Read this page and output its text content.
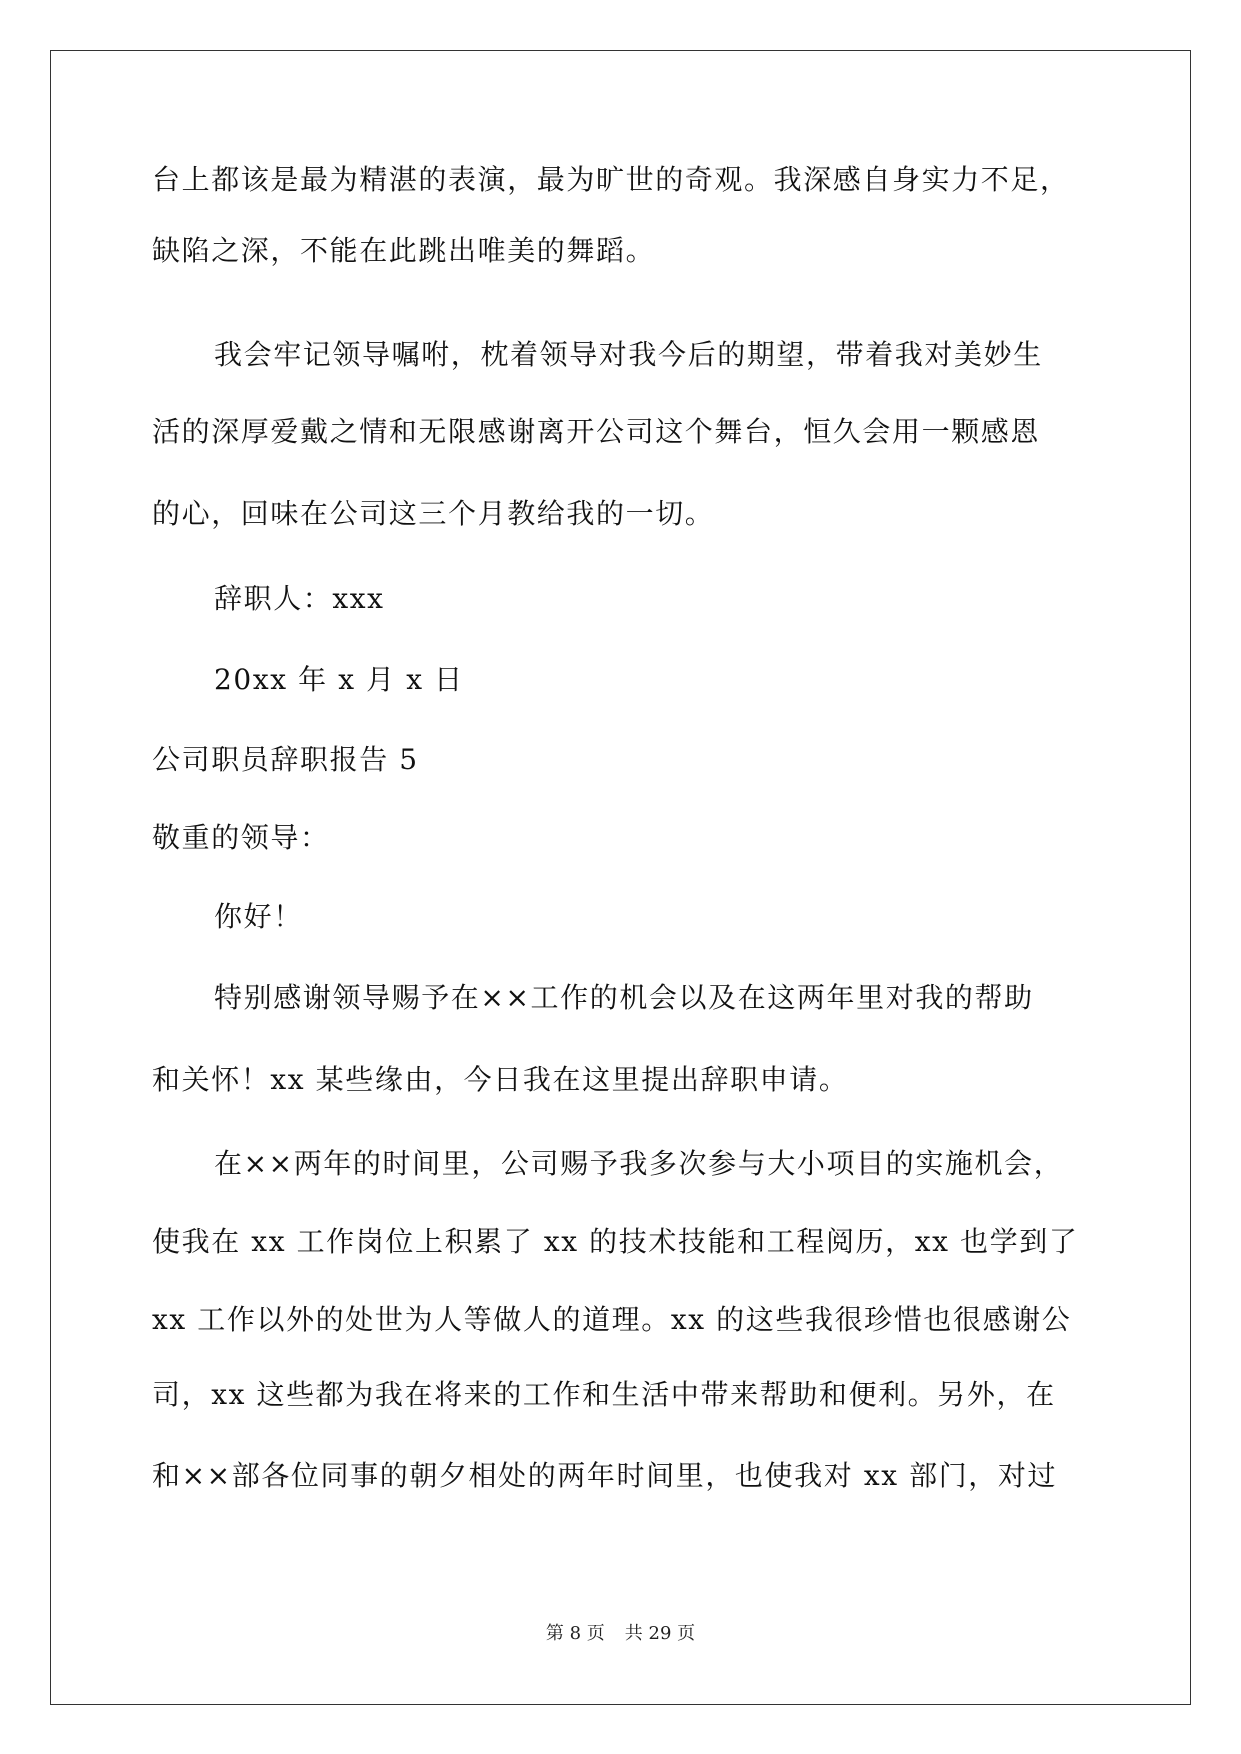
台上都该是最为精湛的表演，最为旷世的奇观。我深感自身实力不足，
缺陷之深，不能在此跳出唯美的舞蹈。
我会牢记领导嘱咐，枕着领导对我今后的期望，带着我对美妙生
活的深厚爱戴之情和无限感谢离开公司这个舞台，恒久会用一颗感恩
的心，回味在公司这三个月教给我的一切。
辞职人：xxx
20xx 年 x 月 x 日
公司职员辞职报告 5
敬重的领导：
你好！
特别感谢领导赐予在××工作的机会以及在这两年里对我的帮助
和关怀！xx 某些缘由，今日我在这里提出辞职申请。
在××两年的时间里，公司赐予我多次参与大小项目的实施机会，
使我在 xx 工作岗位上积累了 xx 的技术技能和工程阅历，xx 也学到了
xx 工作以外的处世为人等做人的道理。xx 的这些我很珍惜也很感谢公
司，xx 这些都为我在将来的工作和生活中带来帮助和便利。另外，在
和××部各位同事的朝夕相处的两年时间里，也使我对 xx 部门，对过
第 8 页 共 29 页
